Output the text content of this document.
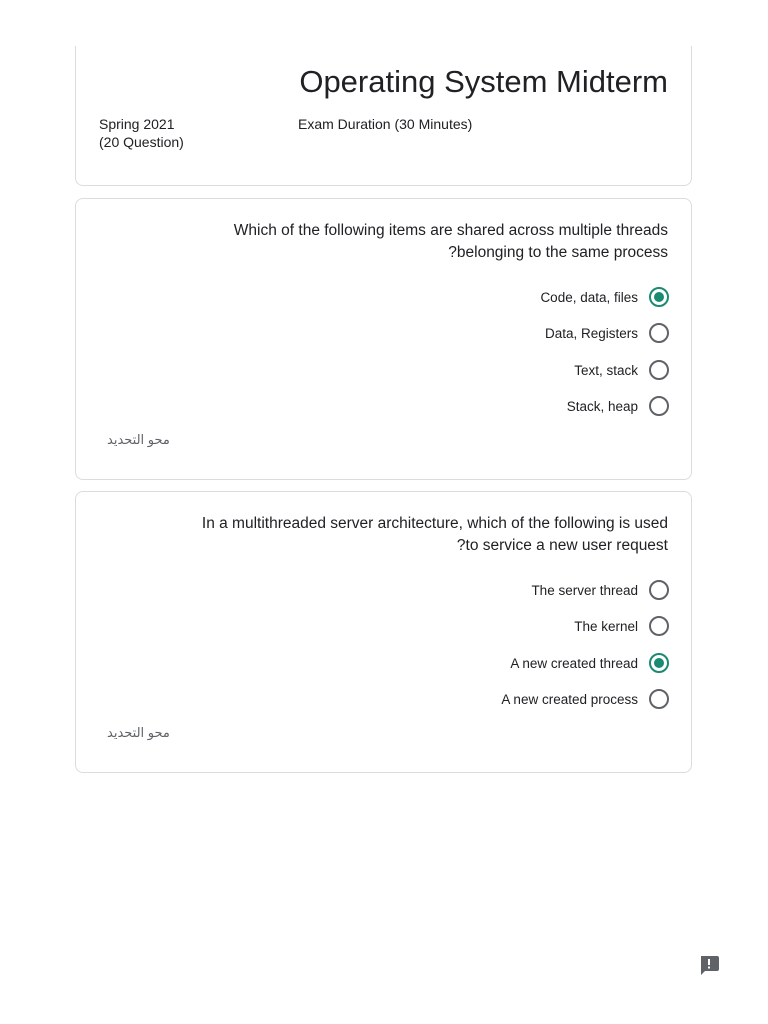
Operating System Midterm
Spring 2021
(20 Question)
Exam Duration (30 Minutes)
Which of the following items are shared across multiple threads
?belonging to the same process
Code, data, files
Data, Registers
Text, stack
Stack, heap
محو التحديد
In a multithreaded server architecture, which of the following is used
?to service a new user request
The server thread
The kernel
A new created thread
A new created process
محو التحديد
